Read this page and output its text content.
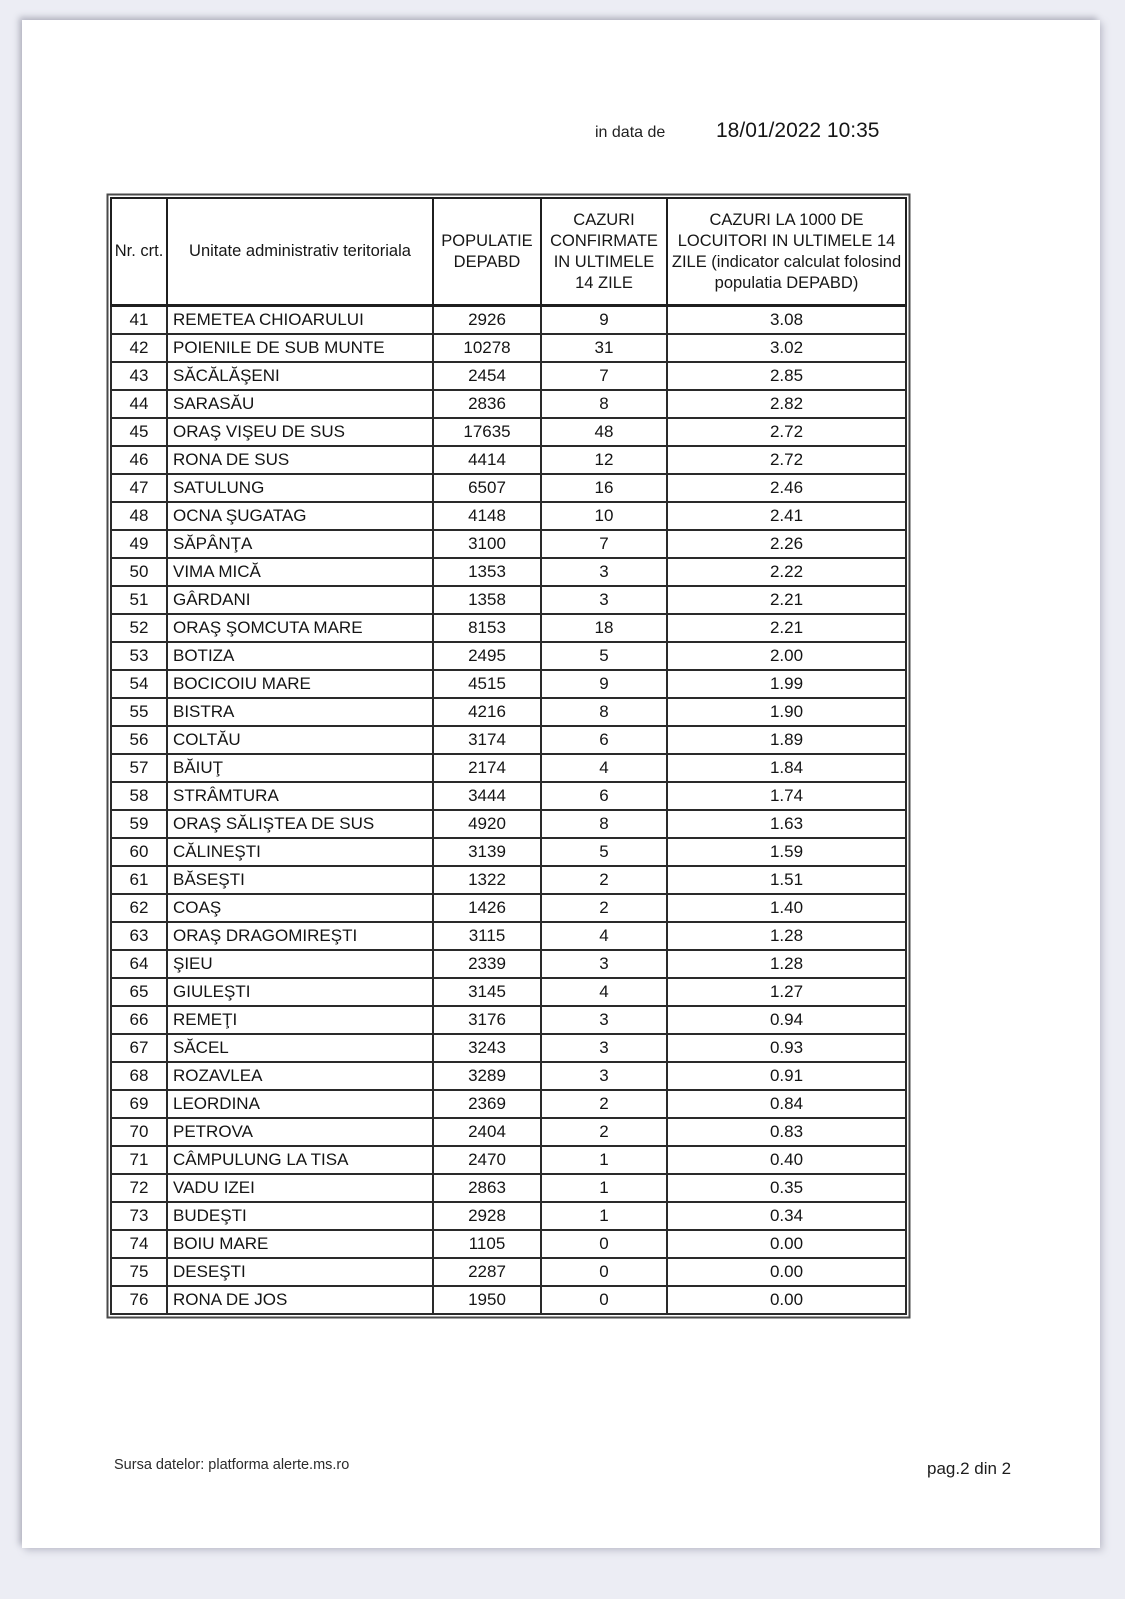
in data de 18/01/2022 10:35
Nr. crt.	Unitate administrativ teritoriala	POPULATIE DEPABD	CAZURI CONFIRMATE IN ULTIMELE 14 ZILE	CAZURI LA 1000 DE LOCUITORI IN ULTIMELE 14 ZILE (indicator calculat folosind populatia DEPABD)
41	REMETEA CHIOARULUI	2926	9	3.08
42	POIENILE DE SUB MUNTE	10278	31	3.02
43	SĂCĂLĂŞENI	2454	7	2.85
44	SARASĂU	2836	8	2.82
45	ORAŞ VIŞEU DE SUS	17635	48	2.72
46	RONA DE SUS	4414	12	2.72
47	SATULUNG	6507	16	2.46
48	OCNA ŞUGATAG	4148	10	2.41
49	SĂPÂNŢA	3100	7	2.26
50	VIMA MICĂ	1353	3	2.22
51	GÂRDANI	1358	3	2.21
52	ORAŞ ŞOMCUTA MARE	8153	18	2.21
53	BOTIZA	2495	5	2.00
54	BOCICOIU MARE	4515	9	1.99
55	BISTRA	4216	8	1.90
56	COLTĂU	3174	6	1.89
57	BĂIUŢ	2174	4	1.84
58	STRÂMTURA	3444	6	1.74
59	ORAŞ SĂLIŞTEA DE SUS	4920	8	1.63
60	CĂLINEŞTI	3139	5	1.59
61	BĂSEŞTI	1322	2	1.51
62	COAŞ	1426	2	1.40
63	ORAŞ DRAGOMIREŞTI	3115	4	1.28
64	ŞIEU	2339	3	1.28
65	GIULEŞTI	3145	4	1.27
66	REMEŢI	3176	3	0.94
67	SĂCEL	3243	3	0.93
68	ROZAVLEA	3289	3	0.91
69	LEORDINA	2369	2	0.84
70	PETROVA	2404	2	0.83
71	CÂMPULUNG LA TISA	2470	1	0.40
72	VADU IZEI	2863	1	0.35
73	BUDEŞTI	2928	1	0.34
74	BOIU MARE	1105	0	0.00
75	DESEŞTI	2287	0	0.00
76	RONA DE JOS	1950	0	0.00
Sursa datelor: platforma alerte.ms.ro	pag.2 din 2
